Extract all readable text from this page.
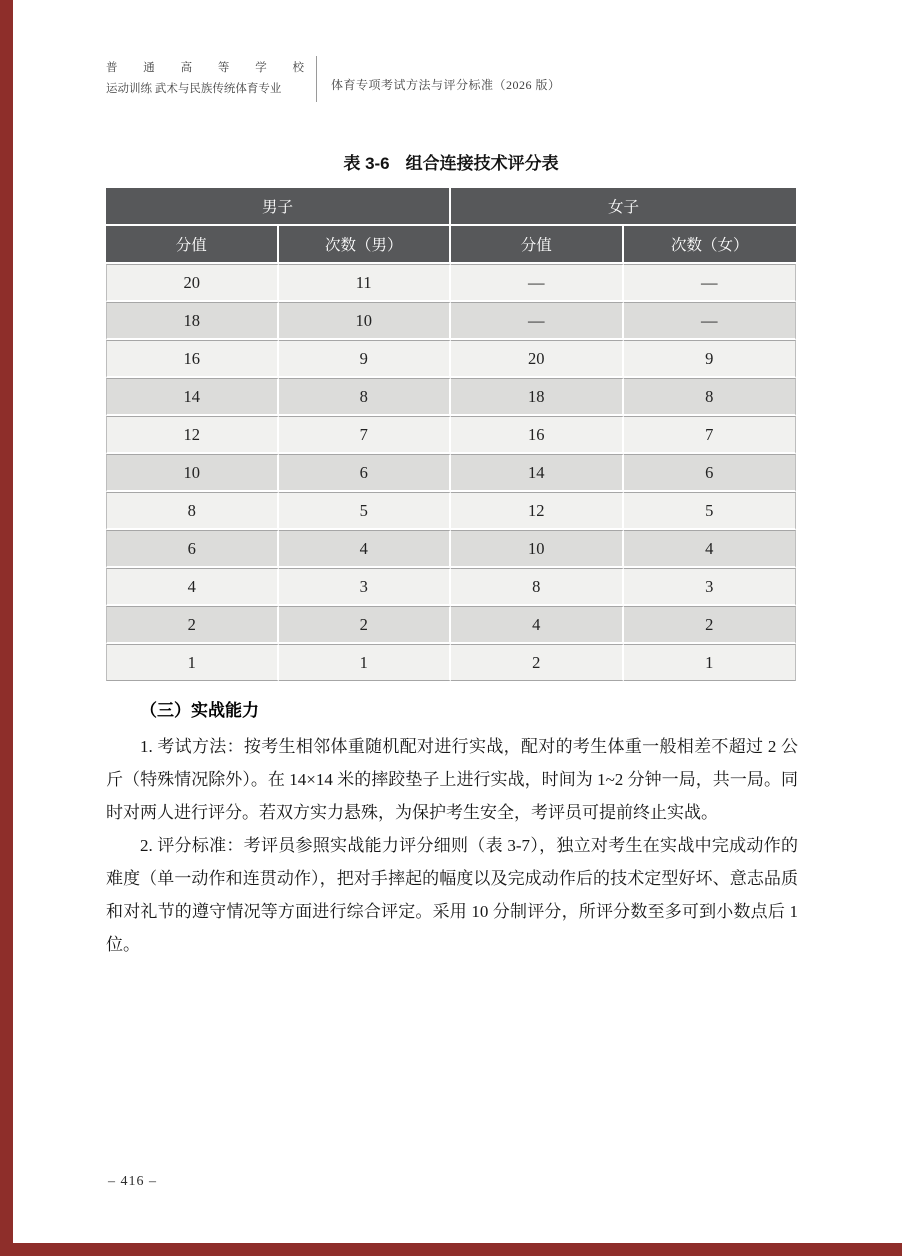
普 通 高 等 学 校
运动训练 武术与民族传统体育专业	体育专项考试方法与评分标准（2026 版）
表 3-6 组合连接技术评分表
男子		女子	
分值	次数（男）	分值	次数（女）
20	11	—	—
18	10	—	—
16	9	20	9
14	8	18	8
12	7	16	7
10	6	14	6
8	5	12	5
6	4	10	4
4	3	8	3
2	2	4	2
1	1	2	1
（三）实战能力

1. 考试方法：按考生相邻体重随机配对进行实战，配对的考生体重一般相差不超过 2 公斤（特殊情况除外）。在 14×14 米的摔跤垫子上进行实战，时间为 1~2 分钟一局，共一局。同时对两人进行评分。若双方实力悬殊，为保护考生安全，考评员可提前终止实战。

2. 评分标准：考评员参照实战能力评分细则（表 3-7），独立对考生在实战中完成动作的难度（单一动作和连贯动作），把对手摔起的幅度以及完成动作后的技术定型好坏、意志品质和对礼节的遵守情况等方面进行综合评定。采用 10 分制评分，所评分数至多可到小数点后 1 位。

– 416 –
